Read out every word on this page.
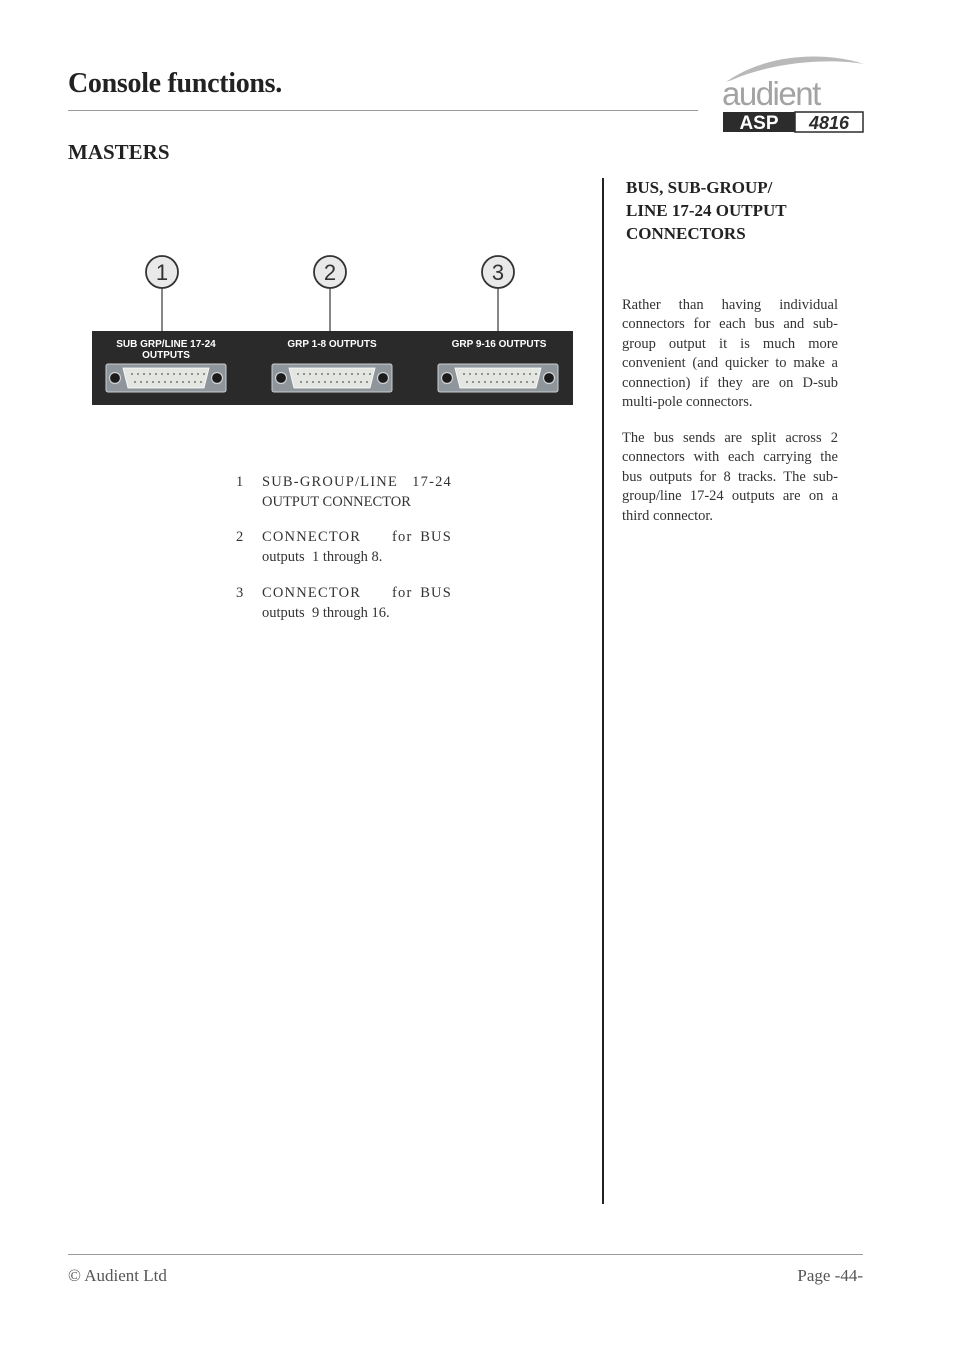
Console functions.	audient
ASP 4816
MASTERS
1	2	3
SUB GRP/LINE 17-24
OUTPUTS
GRP 1-8 OUTPUTS	GRP 9-16 OUTPUTS
1 SUB-GROUP/LINE 17-24
OUTPUT CONNECTOR
2 CONNECTOR    for BUS
outputs  1 through 8.
3 CONNECTOR    for BUS
outputs  9 through 16.
BUS, SUB-GROUP/
LINE 17-24 OUTPUT
CONNECTORS
Rather than having individual connectors for each bus and sub-group output it is much more convenient (and quicker to make a connection) if they are on D-sub multi-pole connectors.
The bus sends are split across 2 connectors with each carrying the bus outputs for 8 tracks. The sub-group/line 17-24 outputs are on a third connector.
© Audient Ltd	Page -44-
